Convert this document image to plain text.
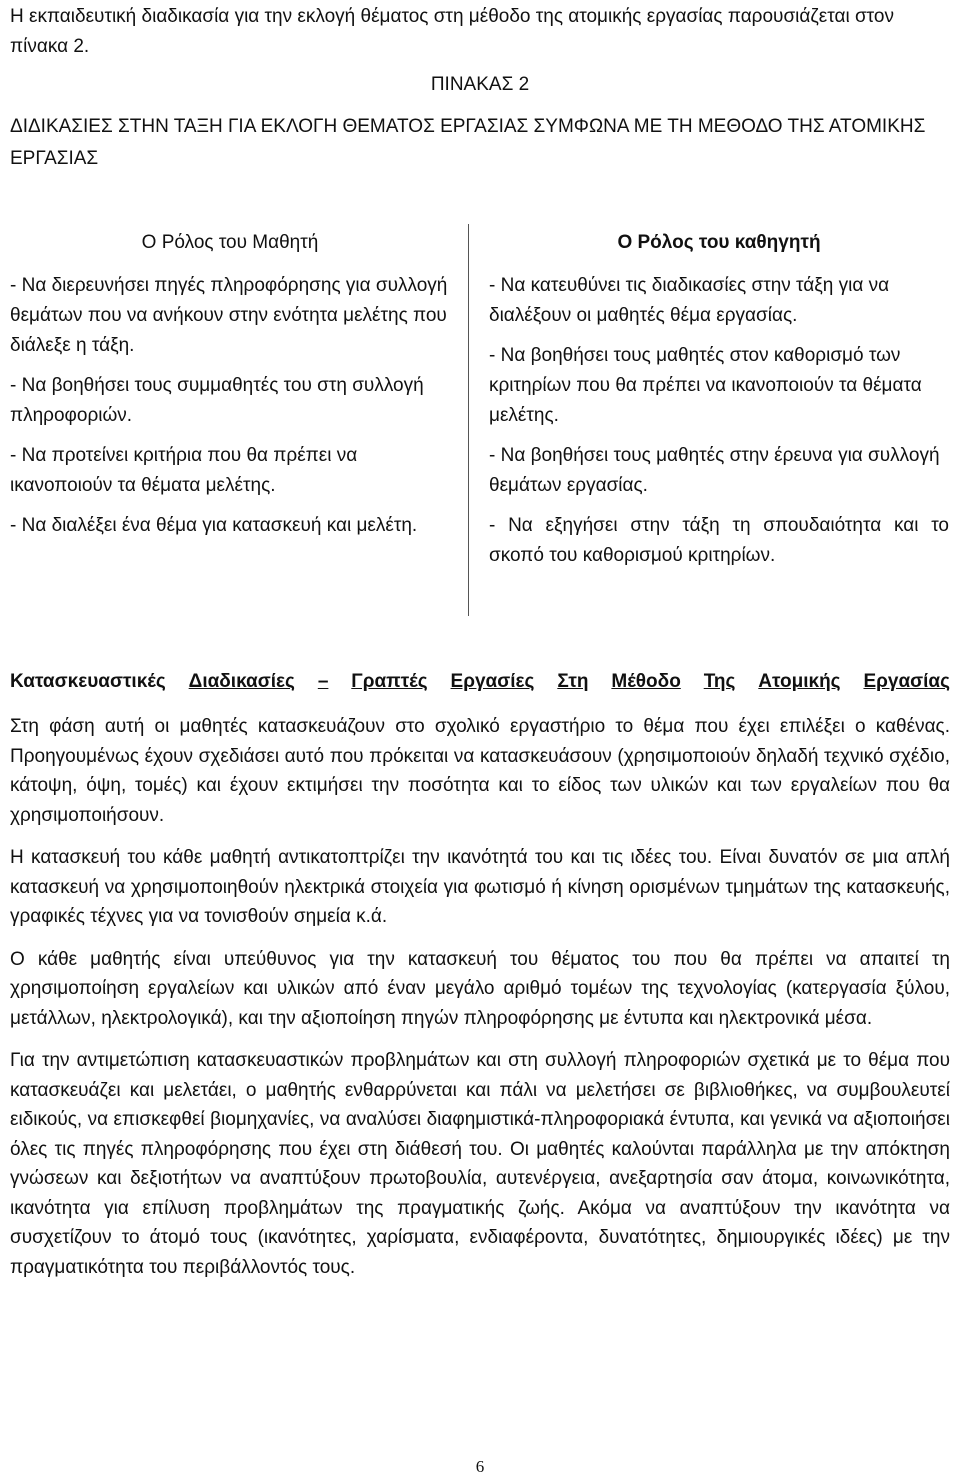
Η εκπαιδευτική διαδικασία για την εκλογή θέματος στη μέθοδο της ατομικής εργασίας παρουσιάζεται στον πίνακα 2.
ΠΙΝΑΚΑΣ 2
ΔΙΔΙΚΑΣΙΕΣ ΣΤΗΝ ΤΑΞΗ ΓΙΑ ΕΚΛΟΓΗ ΘΕΜΑΤΟΣ ΕΡΓΑΣΙΑΣ ΣΥΜΦΩΝΑ ΜΕ ΤΗ ΜΕΘΟΔΟ ΤΗΣ ΑΤΟΜΙΚΗΣ ΕΡΓΑΣΙΑΣ
Ο Ρόλος του Μαθητή
- Να διερευνήσει πηγές πληροφόρησης για συλλογή θεμάτων που να ανήκουν στην ενότητα μελέτης που διάλεξε η τάξη.
- Να βοηθήσει τους συμμαθητές του στη συλλογή πληροφοριών.
- Να προτείνει κριτήρια που θα πρέπει να ικανοποιούν τα θέματα μελέτης.
- Να διαλέξει ένα θέμα για κατασκευή και μελέτη.
Ο Ρόλος του καθηγητή
- Να κατευθύνει τις διαδικασίες στην τάξη για να διαλέξουν οι μαθητές θέμα εργασίας.
- Να βοηθήσει τους μαθητές στον καθορισμό των κριτηρίων που θα πρέπει να ικανοποιούν τα θέματα μελέτης.
- Να βοηθήσει τους μαθητές στην έρευνα για συλλογή θεμάτων εργασίας.
- Να εξηγήσει στην τάξη τη σπουδαιότητα και το σκοπό του καθορισμού κριτηρίων.
Κατασκευαστικές Διαδικασίες – Γραπτές Εργασίες Στη Μέθοδο Της Ατομικής Εργασίας

Στη φάση αυτή οι μαθητές κατασκευάζουν στο σχολικό εργαστήριο το θέμα που έχει επιλέξει ο καθένας. Προηγουμένως έχουν σχεδιάσει αυτό που πρόκειται να κατασκευάσουν (χρησιμοποιούν δηλαδή τεχνικό σχέδιο, κάτοψη, όψη, τομές) και έχουν εκτιμήσει την ποσότητα και το είδος των υλικών και των εργαλείων που θα χρησιμοποιήσουν.

Η κατασκευή του κάθε μαθητή αντικατοπτρίζει την ικανότητά του και τις ιδέες του. Είναι δυνατόν σε μια απλή κατασκευή να χρησιμοποιηθούν ηλεκτρικά στοιχεία για φωτισμό ή κίνηση ορισμένων τμημάτων της κατασκευής, γραφικές τέχνες για να τονισθούν σημεία κ.ά.

Ο κάθε μαθητής είναι υπεύθυνος για την κατασκευή του θέματος του που θα πρέπει να απαιτεί τη χρησιμοποίηση εργαλείων και υλικών από έναν μεγάλο αριθμό τομέων της τεχνολογίας (κατεργασία ξύλου, μετάλλων, ηλεκτρολογικά), και την αξιοποίηση πηγών πληροφόρησης με έντυπα και ηλεκτρονικά μέσα.

Για την αντιμετώπιση κατασκευαστικών προβλημάτων και στη συλλογή πληροφοριών σχετικά με το θέμα που κατασκευάζει και μελετάει, ο μαθητής ενθαρρύνεται και πάλι να μελετήσει σε βιβλιοθήκες, να συμβουλευτεί ειδικούς, να επισκεφθεί βιομηχανίες, να αναλύσει διαφημιστικά-πληροφοριακά έντυπα, και γενικά να αξιοποιήσει όλες τις πηγές πληροφόρησης που έχει στη διάθεσή του. Οι μαθητές καλούνται παράλληλα με την απόκτηση γνώσεων και δεξιοτήτων να αναπτύξουν πρωτοβουλία, αυτενέργεια, ανεξαρτησία σαν άτομα, κοινωνικότητα, ικανότητα για επίλυση προβλημάτων της πραγματικής ζωής. Ακόμα να αναπτύξουν την ικανότητα να συσχετίζουν το άτομό τους (ικανότητες, χαρίσματα, ενδιαφέροντα, δυνατότητες, δημιουργικές ιδέες) με την πραγματικότητα του περιβάλλοντός τους.

6
